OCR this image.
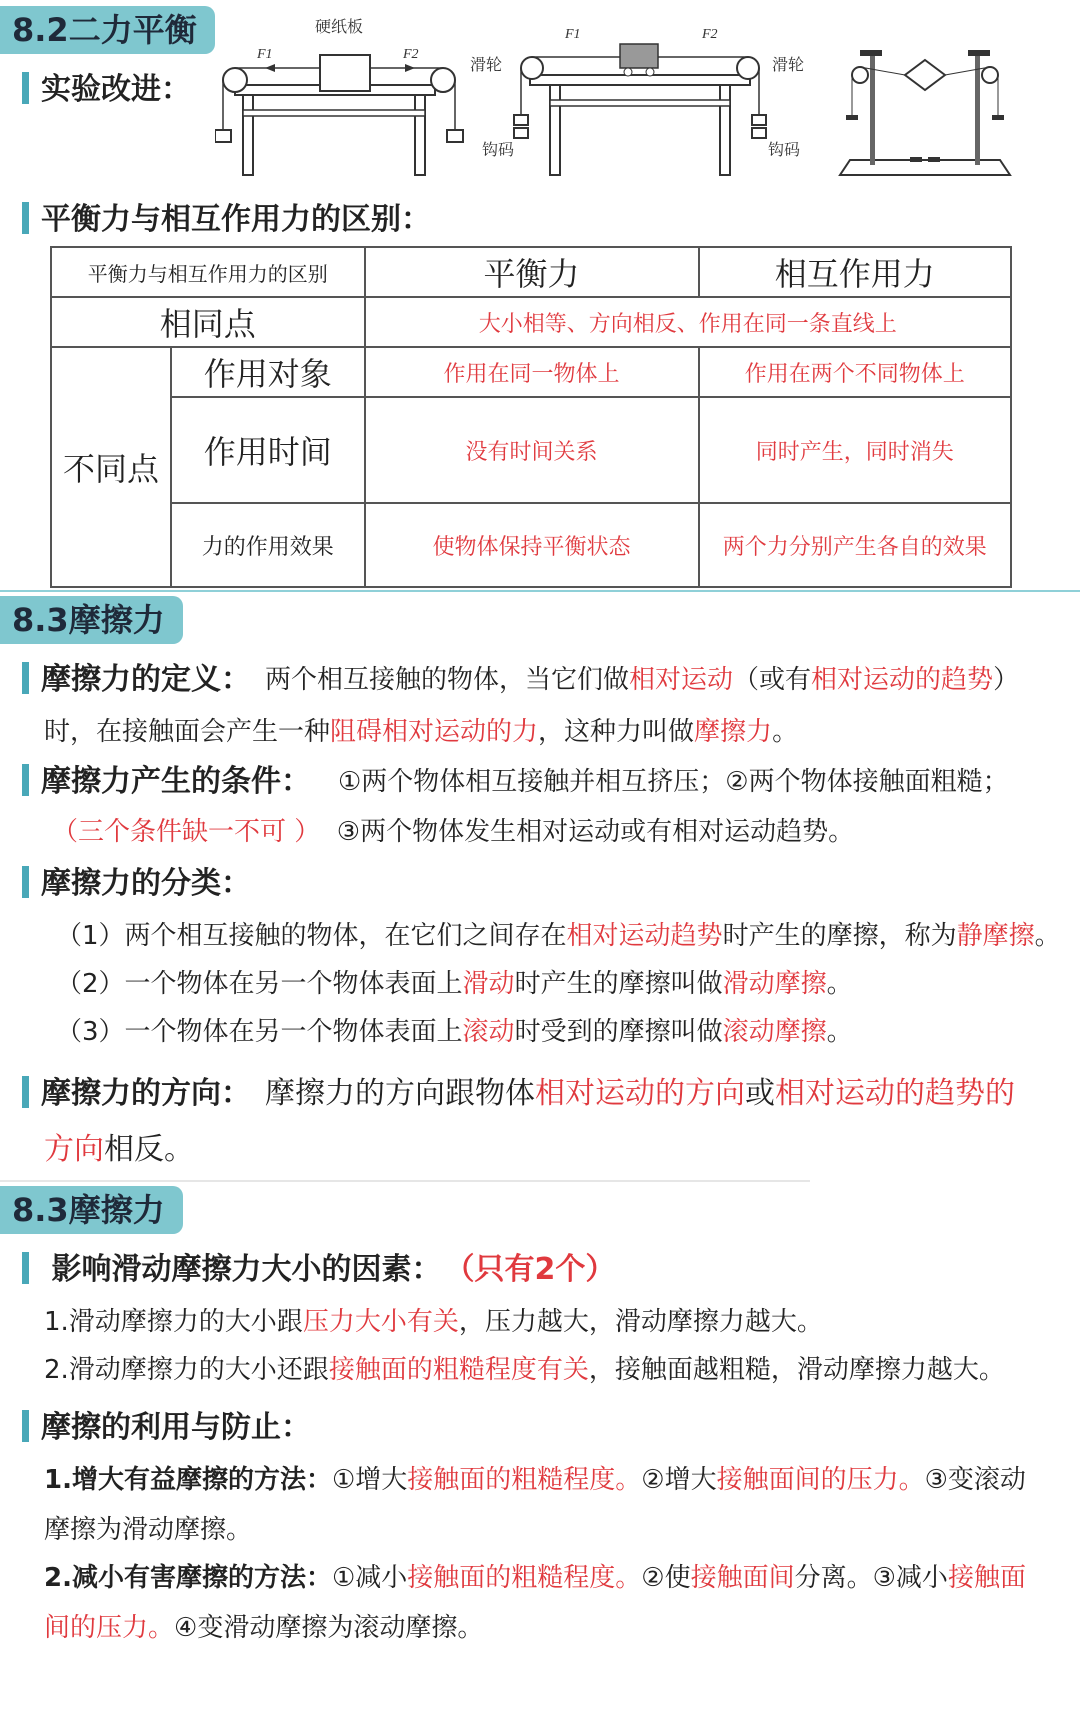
8.2二力平衡
实验改进：
硬纸板
F1	F2
F1	F2
滑轮	滑轮
钩码	钩码
平衡力与相互作用力的区别：
平衡力与相互作用力的区别		平衡力	相互作用力
相同点		大小相等、方向相反、作用在同一条直线上	
不同点	作用对象	作用在同一物体上	作用在两个不同物体上
	作用时间	没有时间关系	同时产生，同时消失
	力的作用效果	使物体保持平衡状态	两个力分别产生各自的效果
8.3摩擦力
摩擦力的定义： 两个相互接触的物体，当它们做相对运动（或有相对运动的趋势）
时，在接触面会产生一种阻碍相对运动的力，这种力叫做摩擦力。
摩擦力产生的条件： ①两个物体相互接触并相互挤压；②两个物体接触面粗糙；
（三个条件缺一不可 ） ③两个物体发生相对运动或有相对运动趋势。
摩擦力的分类：
（1）两个相互接触的物体，在它们之间存在相对运动趋势时产生的摩擦，称为静摩擦。
（2）一个物体在另一个物体表面上滑动时产生的摩擦叫做滑动摩擦。
（3）一个物体在另一个物体表面上滚动时受到的摩擦叫做滚动摩擦。
摩擦力的方向： 摩擦力的方向跟物体相对运动的方向或相对运动的趋势的
方向相反。
8.3摩擦力
影响滑动摩擦力大小的因素： （只有2个）
1.滑动摩擦力的大小跟压力大小有关，压力越大，滑动摩擦力越大。
2.滑动摩擦力的大小还跟接触面的粗糙程度有关，接触面越粗糙，滑动摩擦力越大。
摩擦的利用与防止：
1.增大有益摩擦的方法：①增大接触面的粗糙程度。②增大接触面间的压力。③变滚动
摩擦为滑动摩擦。
2.减小有害摩擦的方法：①减小接触面的粗糙程度。②使接触面间分离。③减小接触面
间的压力。④变滑动摩擦为滚动摩擦。
